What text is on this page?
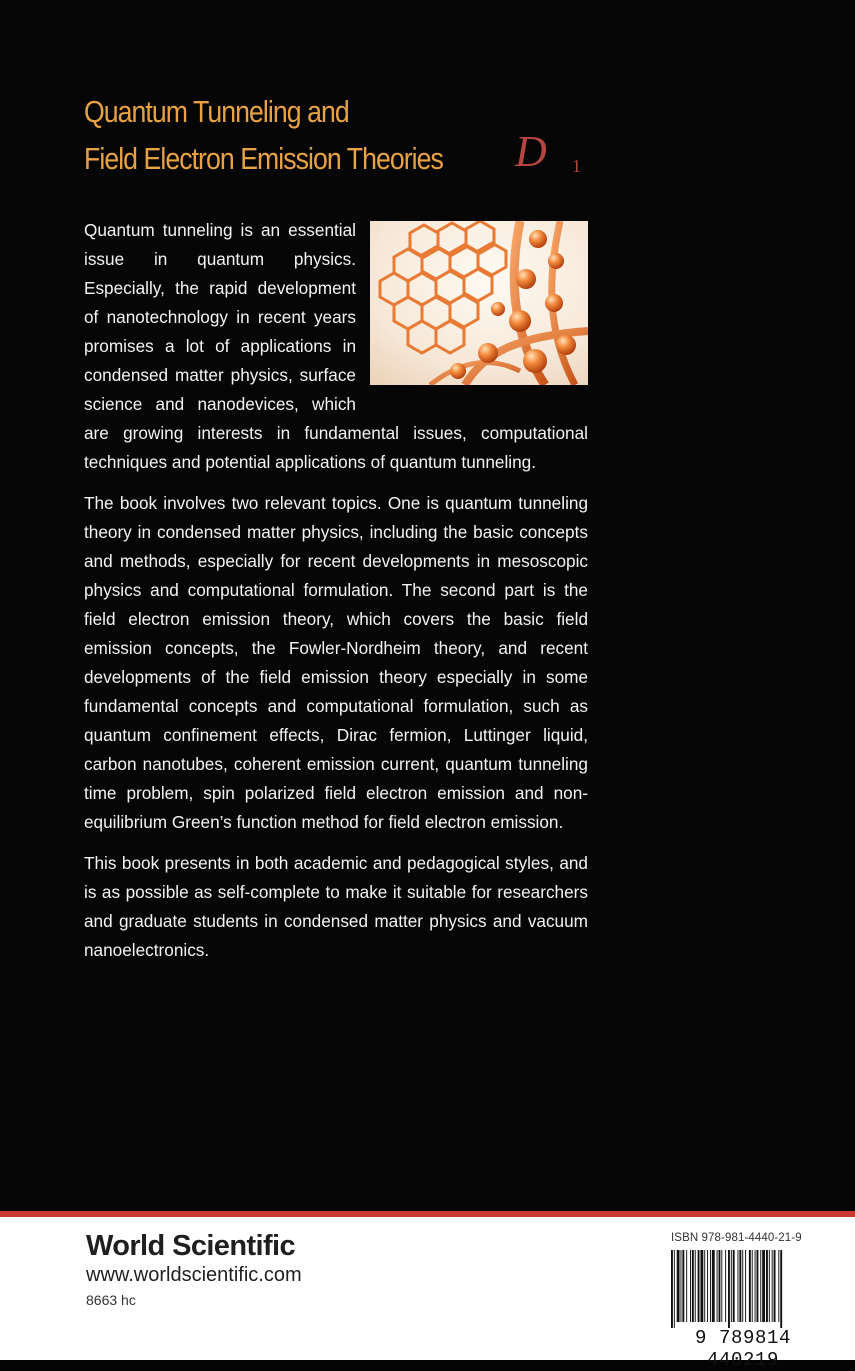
Quantum Tunneling and
Field Electron Emission Theories	D 1

Quantum tunneling is an essential issue in quantum physics. Especially, the rapid development of nanotechnology in recent years promises a lot of applications in condensed matter physics, surface science and nanodevices, which are growing interests in fundamental issues, computational techniques and potential applications of quantum tunneling.

The book involves two relevant topics. One is quantum tunneling theory in condensed matter physics, including the basic concepts and methods, especially for recent developments in mesoscopic physics and computational formulation. The second part is the field electron emission theory, which covers the basic field emission concepts, the Fowler-Nordheim theory, and recent developments of the field emission theory especially in some fundamental concepts and computational formulation, such as quantum confinement effects, Dirac fermion, Luttinger liquid, carbon nanotubes, coherent emission current, quantum tunneling time problem, spin polarized field electron emission and non-equilibrium Green’s function method for field electron emission.

This book presents in both academic and pedagogical styles, and is as possible as self-complete to make it suitable for researchers and graduate students in condensed matter physics and vacuum nanoelectronics.

World Scientific
www.worldscientific.com
8663 hc
ISBN 978-981-4440-21-9
9 789814 440219
